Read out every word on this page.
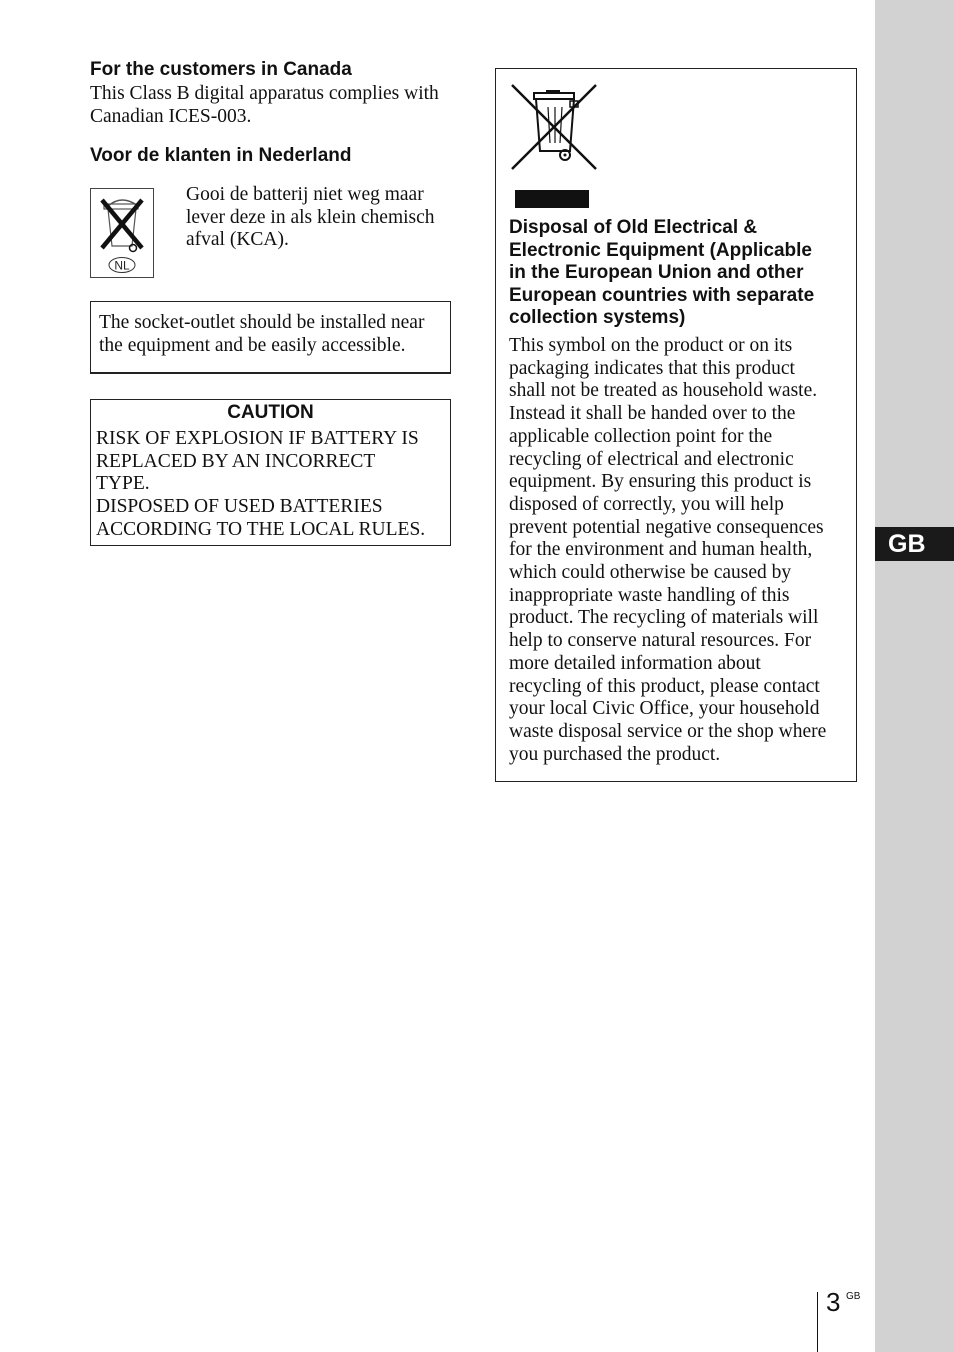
GB
For the customers in Canada
This Class B digital apparatus complies with
Canadian ICES-003.
Voor de klanten in Nederland
NL
Gooi de batterij niet weg maar
lever deze in als klein chemisch
afval (KCA).

The socket-outlet should be installed near
the equipment and be easily accessible.

CAUTION
RISK OF EXPLOSION IF BATTERY IS
REPLACED BY AN INCORRECT
TYPE.
DISPOSED OF USED BATTERIES
ACCORDING TO THE LOCAL RULES.
Disposal of Old Electrical &
Electronic Equipment (Applicable
in the European Union and other
European countries with separate
collection systems)
This symbol on the product or on its
packaging indicates that this product
shall not be treated as household waste.
Instead it shall be handed over to the
applicable collection point for the
recycling of electrical and electronic
equipment. By ensuring this product is
disposed of correctly, you will help
prevent potential negative consequences
for the environment and human health,
which could otherwise be caused by
inappropriate waste handling of this
product. The recycling of materials will
help to conserve natural resources. For
more detailed information about
recycling of this product, please contact
your local Civic Office, your household
waste disposal service or the shop where
you purchased the product.
3 GB
